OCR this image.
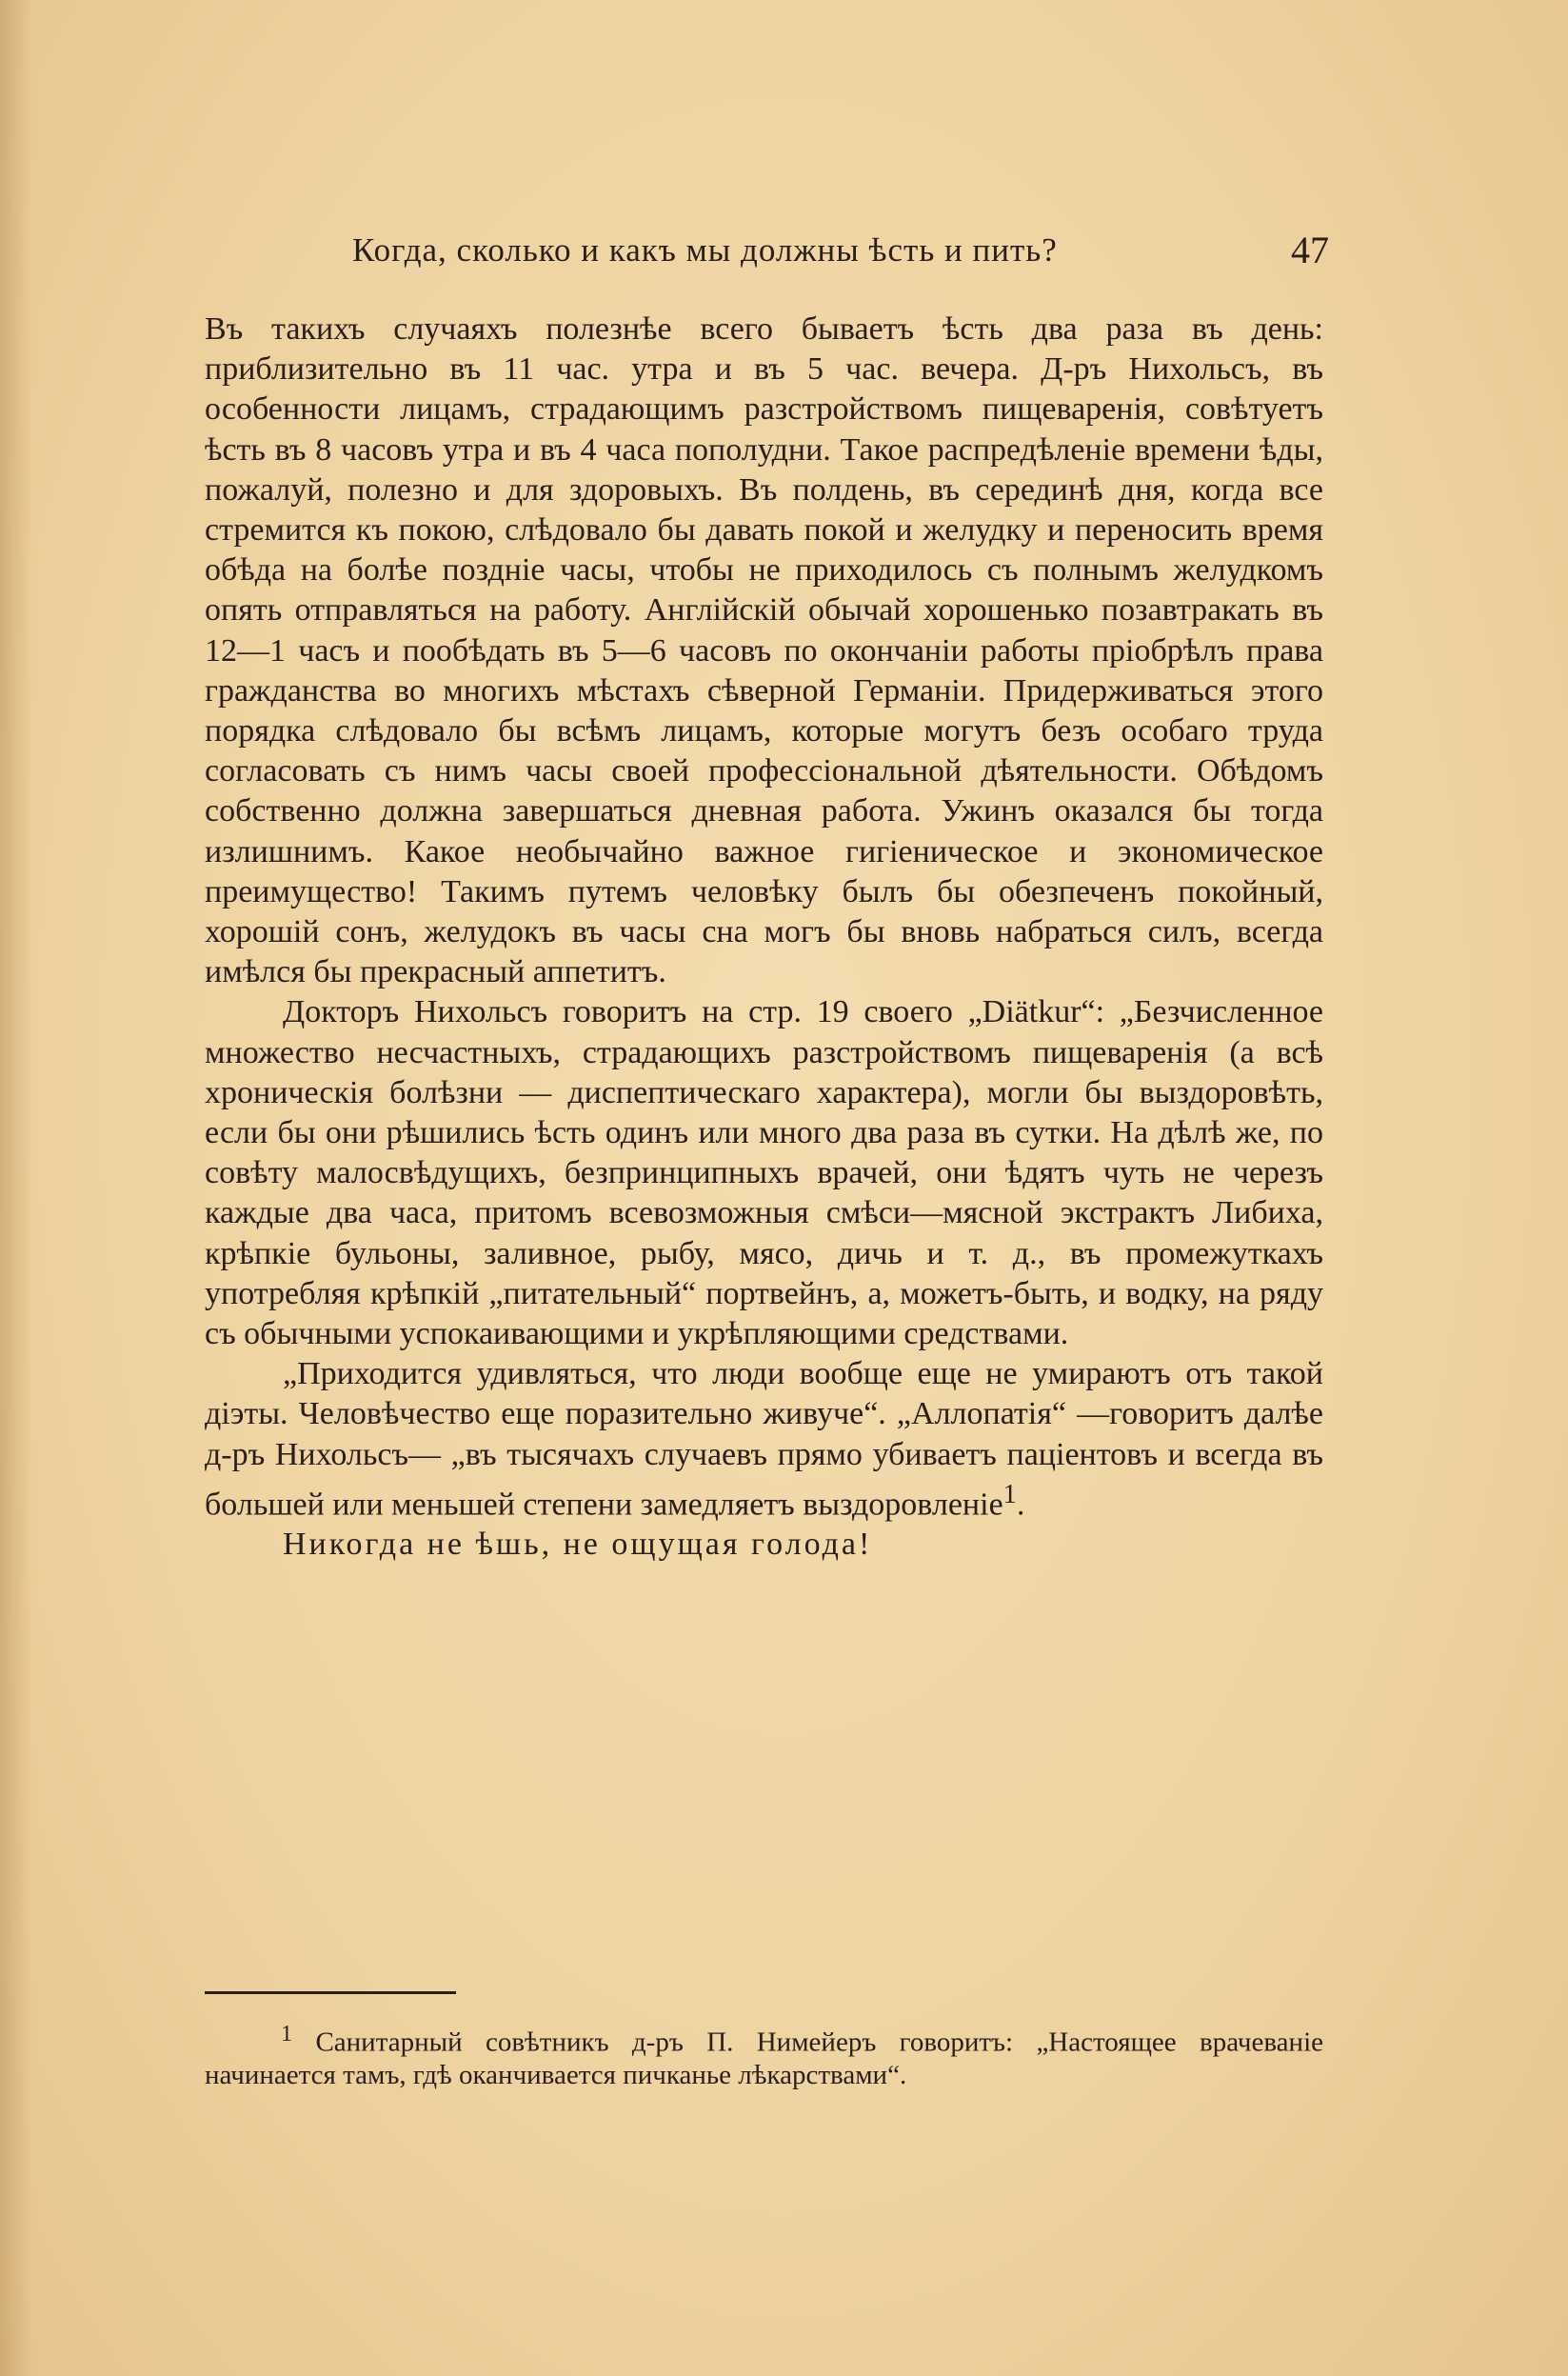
Когда, сколько и какъ мы должны ѣсть и пить?	47

Въ такихъ случаяхъ полезнѣе всего бываетъ ѣсть два раза въ день: приблизительно въ 11 час. утра и въ 5 час. вечера. Д-ръ Нихольсъ, въ особенности лицамъ, страдающимъ разстройствомъ пищеваренія, совѣтуетъ ѣсть въ 8 часовъ утра и въ 4 часа пополудни. Такое распредѣленіе времени ѣды, пожалуй, полезно и для здоровыхъ. Въ полдень, въ серединѣ дня, когда все стремится къ покою, слѣдовало бы давать покой и желудку и переносить время обѣда на болѣе поздніе часы, чтобы не приходилось съ полнымъ желудкомъ опять отправляться на работу. Англійскій обычай хорошенько позавтракать въ 12—1 часъ и пообѣдать въ 5—6 часовъ по окончаніи работы пріобрѣлъ права гражданства во многихъ мѣстахъ сѣверной Германіи. Придерживаться этого порядка слѣдовало бы всѣмъ лицамъ, которые могутъ безъ особаго труда согласовать съ нимъ часы своей профессіональной дѣятельности. Обѣдомъ собственно должна завершаться дневная работа. Ужинъ оказался бы тогда излишнимъ. Какое необычайно важное гигіеническое и экономическое преимущество! Такимъ путемъ человѣку былъ бы обезпеченъ покойный, хорошій сонъ, желудокъ въ часы сна могъ бы вновь набраться силъ, всегда имѣлся бы прекрасный аппетитъ.

Докторъ Нихольсъ говоритъ на стр. 19 своего „Diätkur“: „Безчисленное множество несчастныхъ, страдающихъ разстройствомъ пищеваренія (а всѣ хроническія болѣзни — диспептическаго характера), могли бы выздоровѣть, если бы они рѣшились ѣсть одинъ или много два раза въ сутки. На дѣлѣ же, по совѣту малосвѣдущихъ, безпринципныхъ врачей, они ѣдятъ чуть не черезъ каждые два часа, притомъ всевозможныя смѣси—мясной экстрактъ Либиха, крѣпкіе бульоны, заливное, рыбу, мясо, дичь и т. д., въ промежуткахъ употребляя крѣпкій „питательный“ портвейнъ, а, можетъ-быть, и водку, на ряду съ обычными успокаивающими и укрѣпляющими средствами.

„Приходится удивляться, что люди вообще еще не умираютъ отъ такой діэты. Человѣчество еще поразительно живуче“. „Аллопатія“ —говоритъ далѣе д-ръ Нихольсъ— „въ тысячахъ случаевъ прямо убиваетъ паціентовъ и всегда въ большей или меньшей степени замедляетъ выздоровленіе$^1$.

Никогда не ѣшь, не ощущая голода!

$^1$ Санитарный совѣтникъ д-ръ П. Нимейеръ говоритъ: „Настоящее врачеваніе начинается тамъ, гдѣ оканчивается пичканье лѣкарствами“.
